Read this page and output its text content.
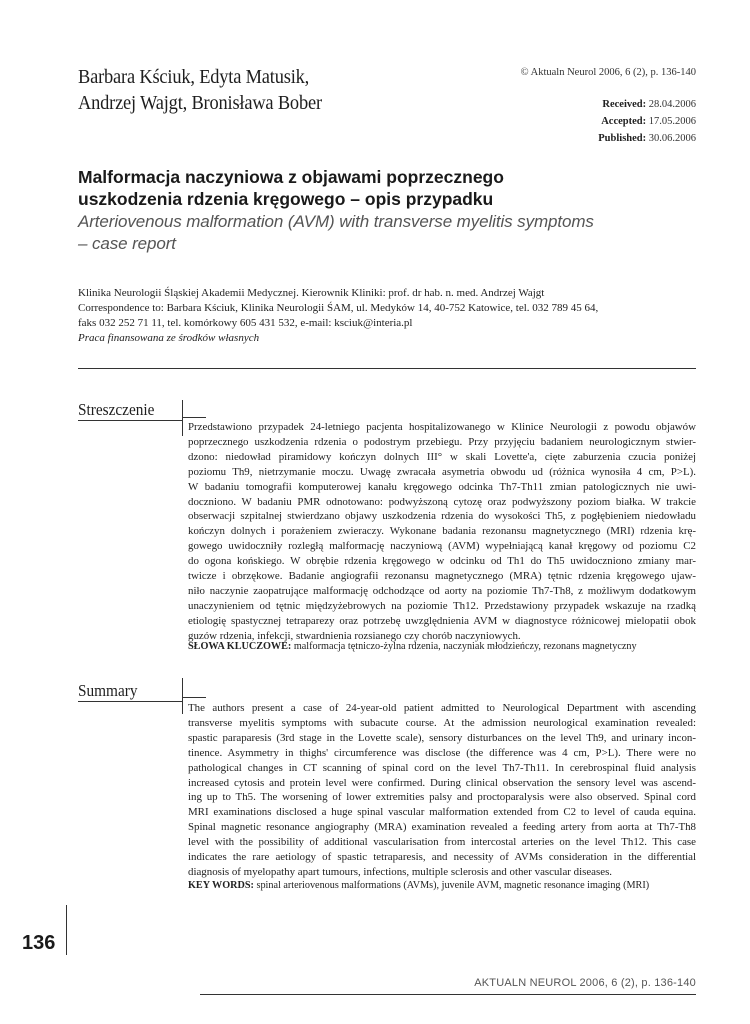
Barbara Kściuk, Edyta Matusik,
Andrzej Wajgt, Bronisława Bober
© Aktualn Neurol 2006, 6 (2), p. 136-140
Received: 28.04.2006
Accepted: 17.05.2006
Published: 30.06.2006
Malformacja naczyniowa z objawami poprzecznego
uszkodzenia rdzenia kręgowego – opis przypadku
Arteriovenous malformation (AVM) with transverse myelitis symptoms
– case report
Klinika Neurologii Śląskiej Akademii Medycznej. Kierownik Kliniki: prof. dr hab. n. med. Andrzej Wajgt
Correspondence to: Barbara Kściuk, Klinika Neurologii ŚAM, ul. Medyków 14, 40-752 Katowice, tel. 032 789 45 64,
faks 032 252 71 11, tel. komórkowy 605 431 532, e-mail: ksciuk@interia.pl
Praca finansowana ze środków własnych
Streszczenie
Przedstawiono przypadek 24-letniego pacjenta hospitalizowanego w Klinice Neurologii z powodu objawów
poprzecznego uszkodzenia rdzenia o podostrym przebiegu. Przy przyjęciu badaniem neurologicznym stwier-
dzono: niedowład piramidowy kończyn dolnych III° w skali Lovette'a, cięte zaburzenia czucia poniżej
poziomu Th9, nietrzymanie moczu. Uwagę zwracała asymetria obwodu ud (różnica wynosiła 4 cm, P>L).
W badaniu tomografii komputerowej kanału kręgowego odcinka Th7-Th11 zmian patologicznych nie uwi-
doczniono. W badaniu PMR odnotowano: podwyższoną cytozę oraz podwyższony poziom białka. W trakcie
obserwacji szpitalnej stwierdzano objawy uszkodzenia rdzenia do wysokości Th5, z pogłębieniem niedowładu
kończyn dolnych i porażeniem zwieraczy. Wykonane badania rezonansu magnetycznego (MRI) rdzenia krę-
gowego uwidoczniły rozległą malformację naczyniową (AVM) wypełniającą kanał kręgowy od poziomu C2
do ogona końskiego. W obrębie rdzenia kręgowego w odcinku od Th1 do Th5 uwidoczniono zmiany mar-
twicze i obrzękowe. Badanie angiografii rezonansu magnetycznego (MRA) tętnic rdzenia kręgowego ujaw-
niło naczynie zaopatrujące malformację odchodzące od aorty na poziomie Th7-Th8, z możliwym dodatkowym
unaczynieniem od tętnic międzyżebrowych na poziomie Th12. Przedstawiony przypadek wskazuje na rzadką
etiologię spastycznej tetraparezy oraz potrzebę uwzględnienia AVM w diagnostyce różnicowej mielopatii obok
guzów rdzenia, infekcji, stwardnienia rozsianego czy chorób naczyniowych.
SŁOWA KLUCZOWE: malformacja tętniczo-żylna rdzenia, naczyniak młodzieńczy, rezonans magnetyczny
Summary
The authors present a case of 24-year-old patient admitted to Neurological Department with ascending
transverse myelitis symptoms with subacute course. At the admission neurological examination revealed:
spastic paraparesis (3rd stage in the Lovette scale), sensory disturbances on the level Th9, and urinary incon-
tinence. Asymmetry in thighs' circumference was disclose (the difference was 4 cm, P>L). There were no
pathological changes in CT scanning of spinal cord on the level Th7-Th11. In cerebrospinal fluid analysis
increased cytosis and protein level were confirmed. During clinical observation the sensory level was ascend-
ing up to Th5. The worsening of lower extremities palsy and proctoparalysis were also observed. Spinal cord
MRI examinations disclosed a huge spinal vascular malformation extended from C2 to level of cauda equina.
Spinal magnetic resonance angiography (MRA) examination revealed a feeding artery from aorta at Th7-Th8
level with the possibility of additional vascularisation from intercostal arteries on the level Th12. This case
indicates the rare aetiology of spastic tetraparesis, and necessity of AVMs consideration in the differential
diagnosis of myelopathy apart tumours, infections, multiple sclerosis and other vascular diseases.
KEY WORDS: spinal arteriovenous malformations (AVMs), juvenile AVM, magnetic resonance imaging (MRI)
136
AKTUALN NEUROL 2006, 6 (2), p. 136-140
